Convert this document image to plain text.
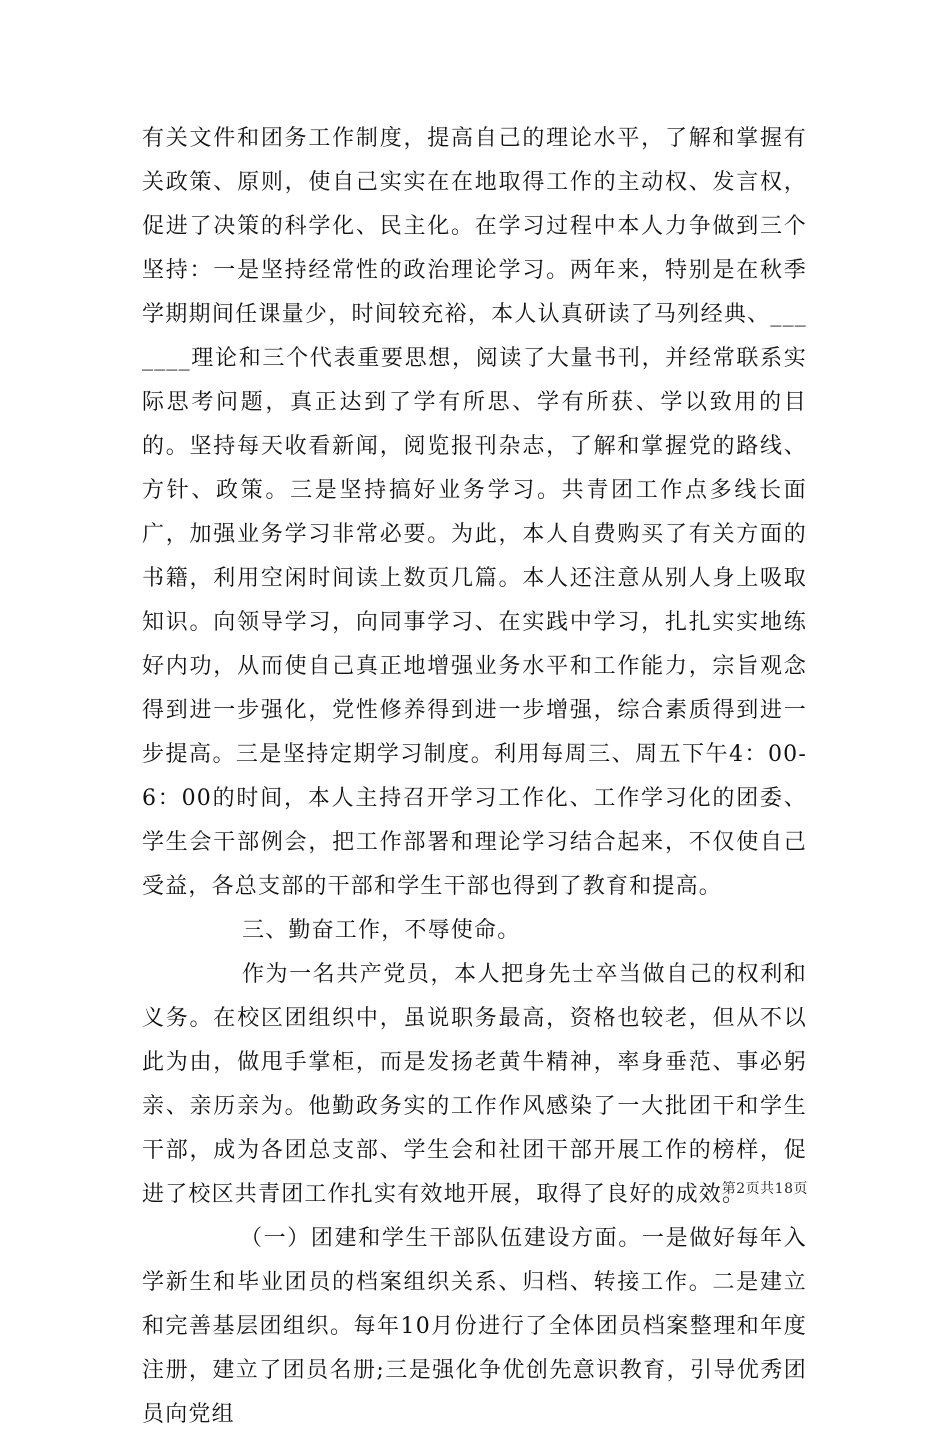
有关文件和团务工作制度，提高自己的理论水平，了解和掌握有关政策、原则，使自己实实在在地取得工作的主动权、发言权，促进了决策的科学化、民主化。在学习过程中本人力争做到三个坚持：一是坚持经常性的政治理论学习。两年来，特别是在秋季学期期间任课量少，时间较充裕，本人认真研读了马列经典、_______理论和三个代表重要思想，阅读了大量书刊，并经常联系实际思考问题，真正达到了学有所思、学有所获、学以致用的目的。坚持每天收看新闻，阅览报刊杂志，了解和掌握党的路线、方针、政策。三是坚持搞好业务学习。共青团工作点多线长面广，加强业务学习非常必要。为此，本人自费购买了有关方面的书籍，利用空闲时间读上数页几篇。本人还注意从别人身上吸取知识。向领导学习，向同事学习、在实践中学习，扎扎实实地练好内功，从而使自己真正地增强业务水平和工作能力，宗旨观念得到进一步强化，党性修养得到进一步增强，综合素质得到进一步提高。三是坚持定期学习制度。利用每周三、周五下午4：00-6：00的时间，本人主持召开学习工作化、工作学习化的团委、学生会干部例会，把工作部署和理论学习结合起来，不仅使自己受益，各总支部的干部和学生干部也得到了教育和提高。

三、勤奋工作，不辱使命。

作为一名共产党员，本人把身先士卒当做自己的权利和义务。在校区团组织中，虽说职务最高，资格也较老，但从不以此为由，做甩手掌柜，而是发扬老黄牛精神，率身垂范、事必躬亲、亲历亲为。他勤政务实的工作作风感染了一大批团干和学生干部，成为各团总支部、学生会和社团干部开展工作的榜样，促进了校区共青团工作扎实有效地开展，取得了良好的成效。

（一）团建和学生干部队伍建设方面。一是做好每年入学新生和毕业团员的档案组织关系、归档、转接工作。二是建立和完善基层团组织。每年10月份进行了全体团员档案整理和年度注册，建立了团员名册;三是强化争优创先意识教育，引导优秀团员向党组

第2页共18页
